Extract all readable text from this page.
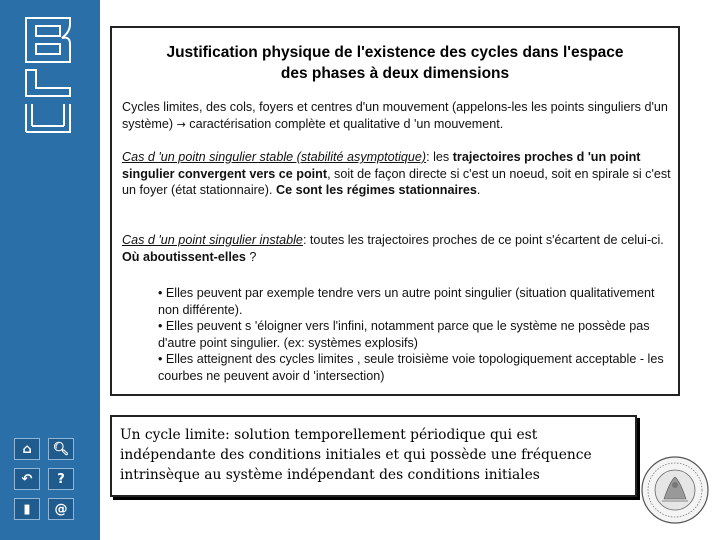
⌂	🔍︎
↶	?
▮	@
Justification physique de l'existence des cycles dans l'espace
des phases à deux dimensions
Cycles limites, des cols, foyers et centres d'un mouvement (appelons-les les points singuliers d'un système) → caractérisation complète et qualitative d 'un mouvement.
Cas d 'un poitn singulier stable (stabilité asymptotique): les trajectoires proches d 'un point singulier convergent vers ce point, soit de façon directe si c'est un noeud, soit en spirale si c'est un foyer (état stationnaire). Ce sont les régimes stationnaires.
Cas d 'un point singulier instable: toutes les trajectoires proches de ce point s'écartent de celui-ci. Où aboutissent-elles ?
• Elles peuvent par exemple tendre vers un autre point singulier (situation qualitativement non différente).
• Elles peuvent s 'éloigner vers l'infini, notamment parce que le système ne possède pas d'autre point singulier. (ex: systèmes explosifs)
• Elles atteignent des cycles limites , seule troisième voie topologiquement acceptable - les courbes ne peuvent avoir d 'intersection)
Un cycle limite: solution temporellement périodique qui est indépendante des conditions initiales et qui possède une fréquence intrinsèque au système indépendant des conditions initiales
